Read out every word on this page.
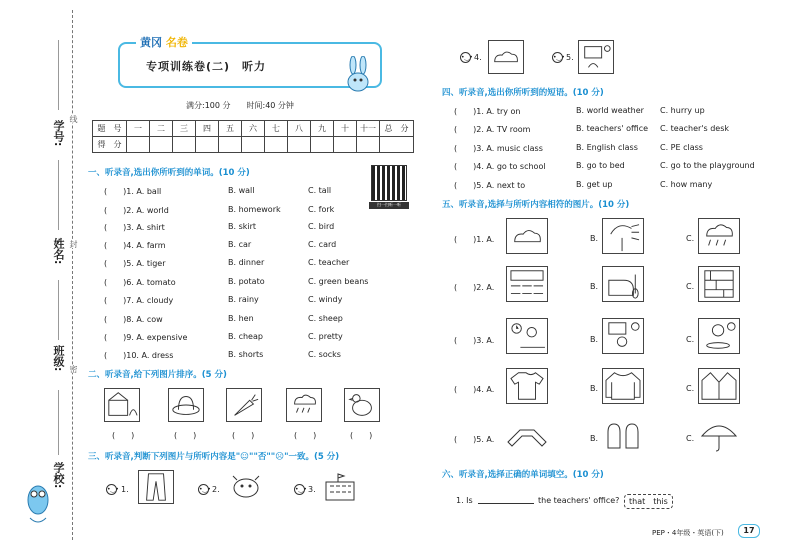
学号:
姓名:
班级:
学校:
线
封
密
黄冈 名卷
专项训练卷(二)　听力
满分:100 分　　时间:40 分钟
题　号	一	二	三	四	五	六	七	八	九	十	十一	总　分
得　分												
一、听录音,选出你所听到的单词。(10 分)
扫一扫听一听
(　　)1. A. ball	B. wall	C. tall
(　　)2. A. world	B. homework	C. fork
(　　)3. A. shirt	B. skirt	C. bird
(　　)4. A. farm	B. car	C. card
(　　)5. A. tiger	B. dinner	C. teacher
(　　)6. A. tomato	B. potato	C. green beans
(　　)7. A. cloudy	B. rainy	C. windy
(　　)8. A. cow	B. hen	C. sheep
(　　)9. A. expensive	B. cheap	C. pretty
(　　)10. A. dress	B. shorts	C. socks
二、听录音,给下列图片排序。(5 分)
(　　)	(　　)	(　　)	(　　)	(　　)
三、听录音,判断下列图片与所听内容是"☺""否""☹"一致。(5 分)
•‿• 1.	•‿• 2.	•‿• 3.
•‿• 4.	•‿• 5.
四、听录音,选出你所听到的短语。(10 分)
(　　)1. A. try on	B. world weather C. hurry up
(　　)2. A. TV room	B. teachers' office C. teacher's desk
(　　)3. A. music class	B. English class	C. PE class
(　　)4. A. go to school	B. go to bed	C. go to the playground
(　　)5. A. next to	B. get up	C. how many
五、听录音,选择与所听内容相符的图片。(10 分)
(　　)1. A.	B.	C.
(　　)2. A.	B.	C.
(　　)3. A.	B.	C.
(　　)4. A.	B.	C.
(　　)5. A.	B.	C.
六、听录音,选择正确的单词填空。(10 分)
1. Is	the teachers' office?	that　this
PEP・4年级・英语(下)	17
